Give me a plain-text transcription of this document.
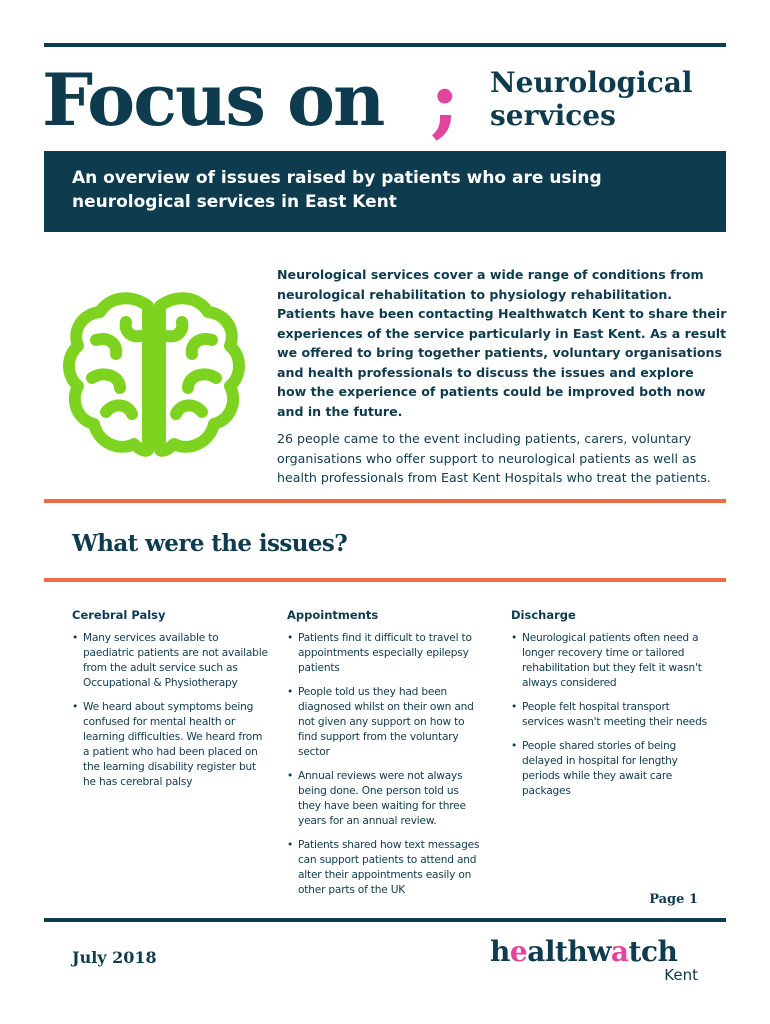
Focus on ; Neurological services

An overview of issues raised by patients who are using neurological services in East Kent

Neurological services cover a wide range of conditions from neurological rehabilitation to physiology rehabilitation. Patients have been contacting Healthwatch Kent to share their experiences of the service particularly in East Kent. As a result we offered to bring together patients, voluntary organisations and health professionals to discuss the issues and explore how the experience of patients could be improved both now and in the future.

26 people came to the event including patients, carers, voluntary organisations who offer support to neurological patients as well as health professionals from East Kent Hospitals who treat the patients.

What were the issues?
Cerebral Palsy
• Many services available to paediatric patients are not available from the adult service such as Occupational & Physiotherapy
• We heard about symptoms being confused for mental health or learning difficulties. We heard from a patient who had been placed on the learning disability register but he has cerebral palsy
Appointments
• Patients find it difficult to travel to appointments especially epilepsy patients
• People told us they had been diagnosed whilst on their own and not given any support on how to find support from the voluntary sector
• Annual reviews were not always being done. One person told us they have been waiting for three years for an annual review.
• Patients shared how text messages can support patients to attend and alter their appointments easily on other parts of the UK
Discharge
• Neurological patients often need a longer recovery time or tailored rehabilitation but they felt it wasn't always considered
• People felt hospital transport services wasn't meeting their needs
• People shared stories of being delayed in hospital for lengthy periods while they await care packages
Page 1
July 2018	healthwatch
Kent
